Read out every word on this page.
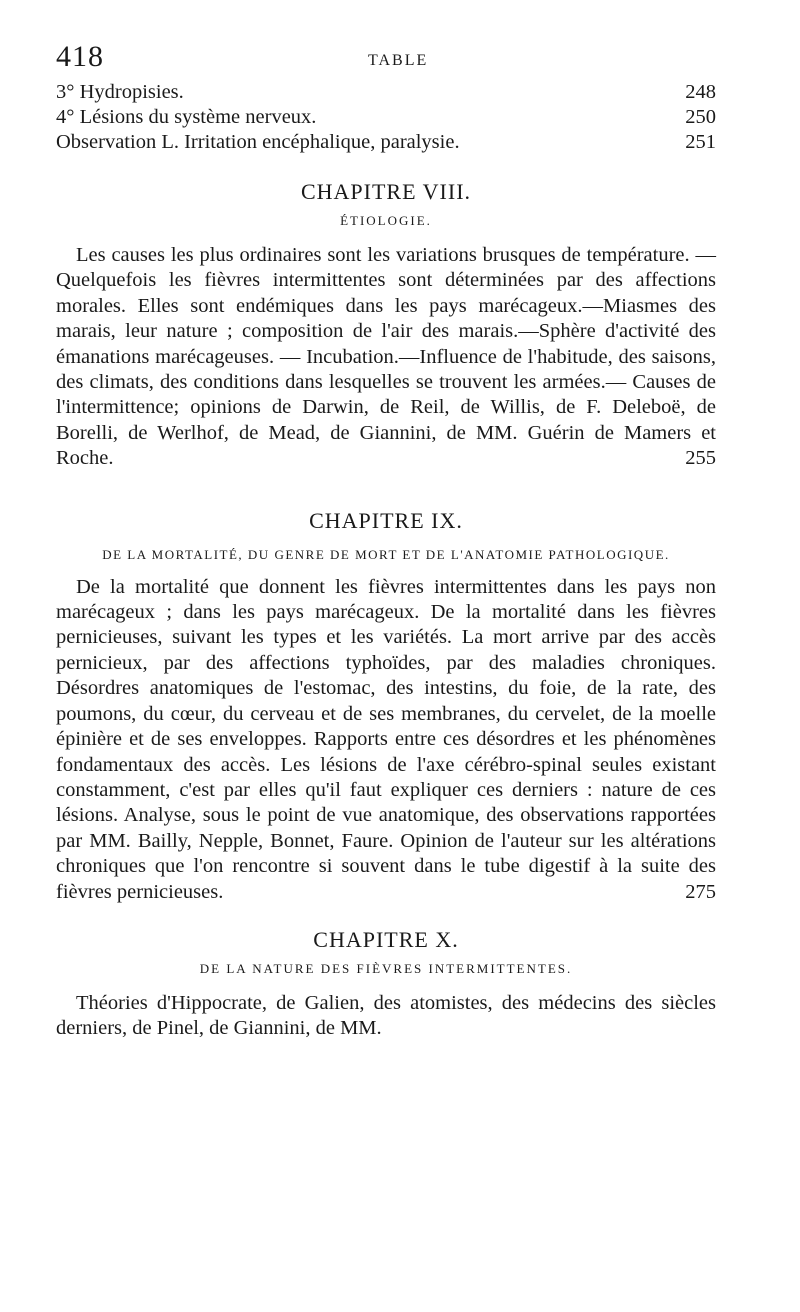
418	TABLE
3° Hydropisies.	248
4° Lésions du système nerveux.	250
Observation L. Irritation encéphalique, paralysie.	251
CHAPITRE VIII.
ÉTIOLOGIE.

Les causes les plus ordinaires sont les variations brusques de température. — Quelquefois les fièvres intermittentes sont déterminées par des affections morales. Elles sont endémiques dans les pays marécageux.—Miasmes des marais, leur nature ; composition de l'air des marais.—Sphère d'activité des émanations marécageuses. — Incubation.—Influence de l'habitude, des saisons, des climats, des conditions dans lesquelles se trouvent les armées.— Causes de l'intermittence; opinions de Darwin, de Reil, de Willis, de F. Deleboë, de Borelli, de Werlhof, de Mead, de Giannini, de MM. Guérin de Mamers et Roche.	255
CHAPITRE IX.
DE LA MORTALITÉ, DU GENRE DE MORT ET DE L'ANATOMIE PATHOLOGIQUE.

De la mortalité que donnent les fièvres intermittentes dans les pays non marécageux ; dans les pays marécageux. De la mortalité dans les fièvres pernicieuses, suivant les types et les variétés. La mort arrive par des accès pernicieux, par des affections typhoïdes, par des maladies chroniques. Désordres anatomiques de l'estomac, des intestins, du foie, de la rate, des poumons, du cœur, du cerveau et de ses membranes, du cervelet, de la moelle épinière et de ses enveloppes. Rapports entre ces désordres et les phénomènes fondamentaux des accès. Les lésions de l'axe cérébro-spinal seules existant constamment, c'est par elles qu'il faut expliquer ces derniers : nature de ces lésions. Analyse, sous le point de vue anatomique, des observations rapportées par MM. Bailly, Nepple, Bonnet, Faure. Opinion de l'auteur sur les altérations chroniques que l'on rencontre si souvent dans le tube digestif à la suite des fièvres pernicieuses.	275
CHAPITRE X.
DE LA NATURE DES FIÈVRES INTERMITTENTES.

Théories d'Hippocrate, de Galien, des atomistes, des médecins des siècles derniers, de Pinel, de Giannini, de MM.
